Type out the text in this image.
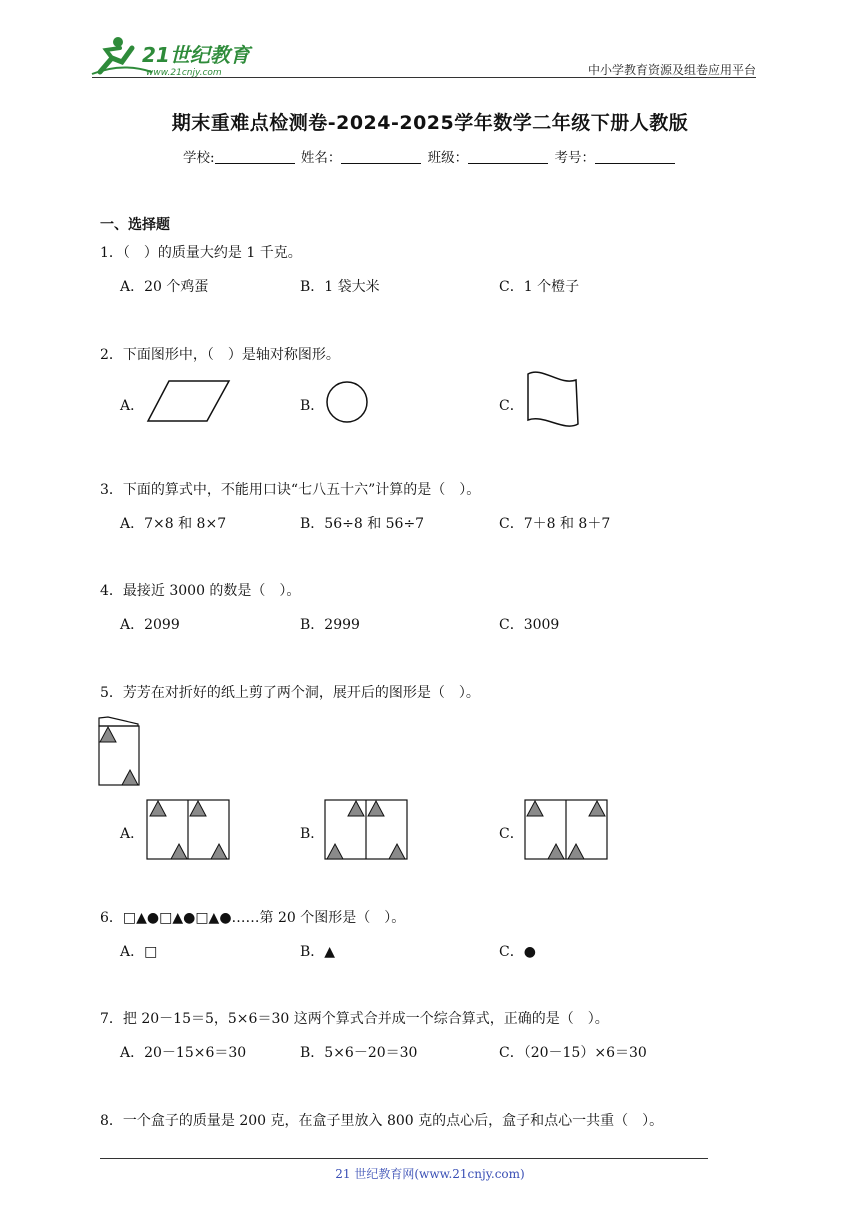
21世纪教育
www.21cnjy.com	中小学教育资源及组卷应用平台
期末重难点检测卷-2024-2025学年数学二年级下册人教版
学校:	姓名：	班级：	考号：
一、选择题
1．（　）的质量大约是 1 千克。
A．20 个鸡蛋	B．1 袋大米	C．1 个橙子
2．下面图形中，（　）是轴对称图形。
A．	B．	C．
3．下面的算式中，不能用口诀“七八五十六”计算的是（　）。
A．7×8 和 8×7	B．56÷8 和 56÷7	C．7＋8 和 8＋7
4．最接近 3000 的数是（　）。
A．2099	B．2999	C．3009
5．芳芳在对折好的纸上剪了两个洞，展开后的图形是（　）。
A．	B．	C．
6．□▲●□▲●□▲●……第 20 个图形是（　）。
A．□	B．▲	C．●
7．把 20－15＝5，5×6＝30 这两个算式合并成一个综合算式，正确的是（　）。
A．20－15×6＝30	B．5×6－20＝30	C．（20－15）×6＝30
8．一个盒子的质量是 200 克，在盒子里放入 800 克的点心后，盒子和点心一共重（　）。
21 世纪教育网(www.21cnjy.com)
